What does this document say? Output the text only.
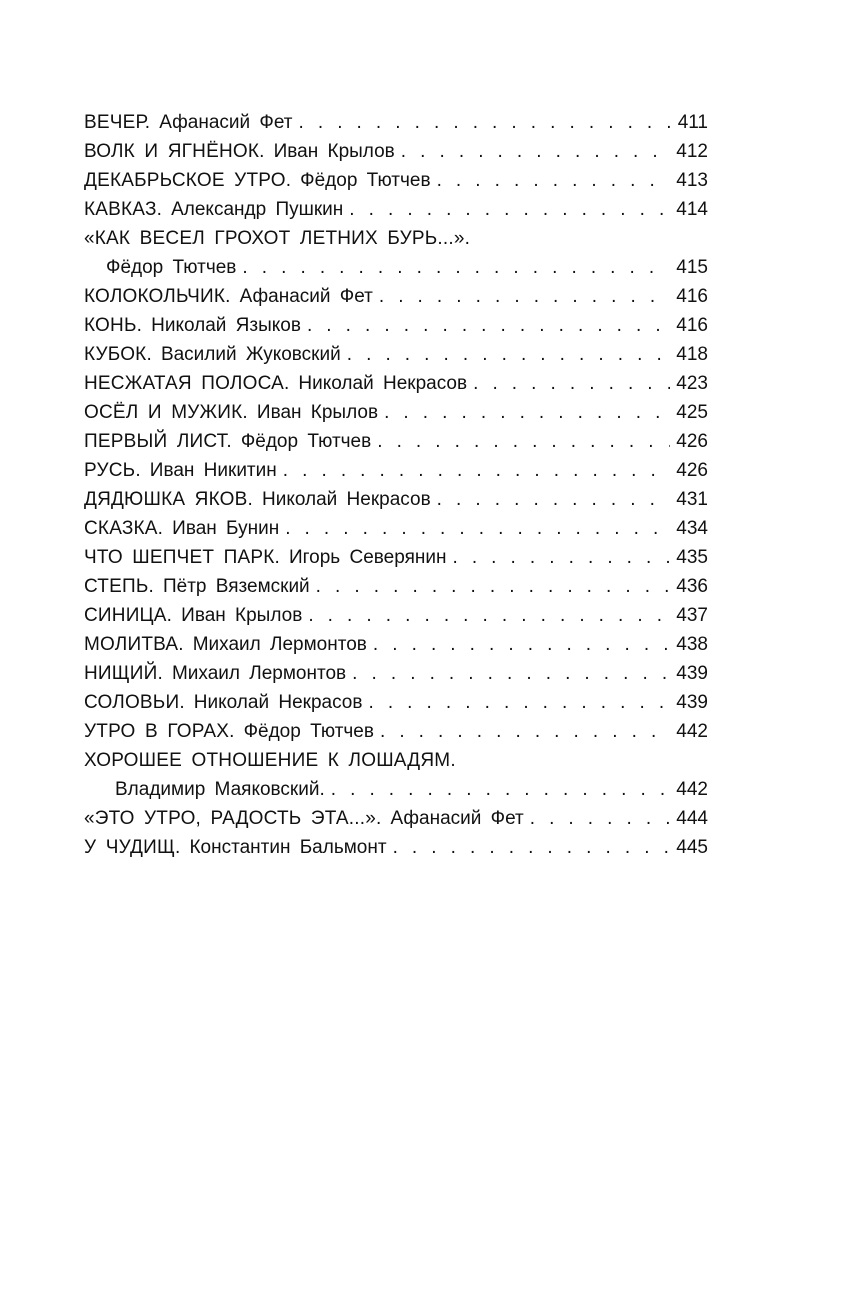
ВЕЧЕР. Афанасий Фет . . .	411
ВОЛК И ЯГНЁНОК. Иван Крылов . . .	412
ДЕКАБРЬСКОЕ УТРО. Фёдор Тютчев . . .	413
КАВКАЗ. Александр Пушкин . . .	414
«КАК ВЕСЕЛ ГРОХОТ ЛЕТНИХ БУРЬ...».
Фёдор Тютчев . . .	415
КОЛОКОЛЬЧИК. Афанасий Фет . . .	416
КОНЬ. Николай Языков . . .	416
КУБОК. Василий Жуковский . . .	418
НЕСЖАТАЯ ПОЛОСА. Николай Некрасов . . .	423
ОСЁЛ И МУЖИК. Иван Крылов . . .	425
ПЕРВЫЙ ЛИСТ. Фёдор Тютчев . . .	426
РУСЬ. Иван Никитин . . .	426
ДЯДЮШКА ЯКОВ. Николай Некрасов . . .	431
СКАЗКА. Иван Бунин . . .	434
ЧТО ШЕПЧЕТ ПАРК. Игорь Северянин . . .	435
СТЕПЬ. Пётр Вяземский . . .	436
СИНИЦА. Иван Крылов . . .	437
МОЛИТВА. Михаил Лермонтов . . .	438
НИЩИЙ. Михаил Лермонтов . . .	439
СОЛОВЬИ. Николай Некрасов . . .	439
УТРО В ГОРАХ. Фёдор Тютчев . . .	442
ХОРОШЕЕ ОТНОШЕНИЕ К ЛОШАДЯМ.
Владимир Маяковский. . . .	442
«ЭТО УТРО, РАДОСТЬ ЭТА...». Афанасий Фет . . .	444
У ЧУДИЩ. Константин Бальмонт . . .	445
